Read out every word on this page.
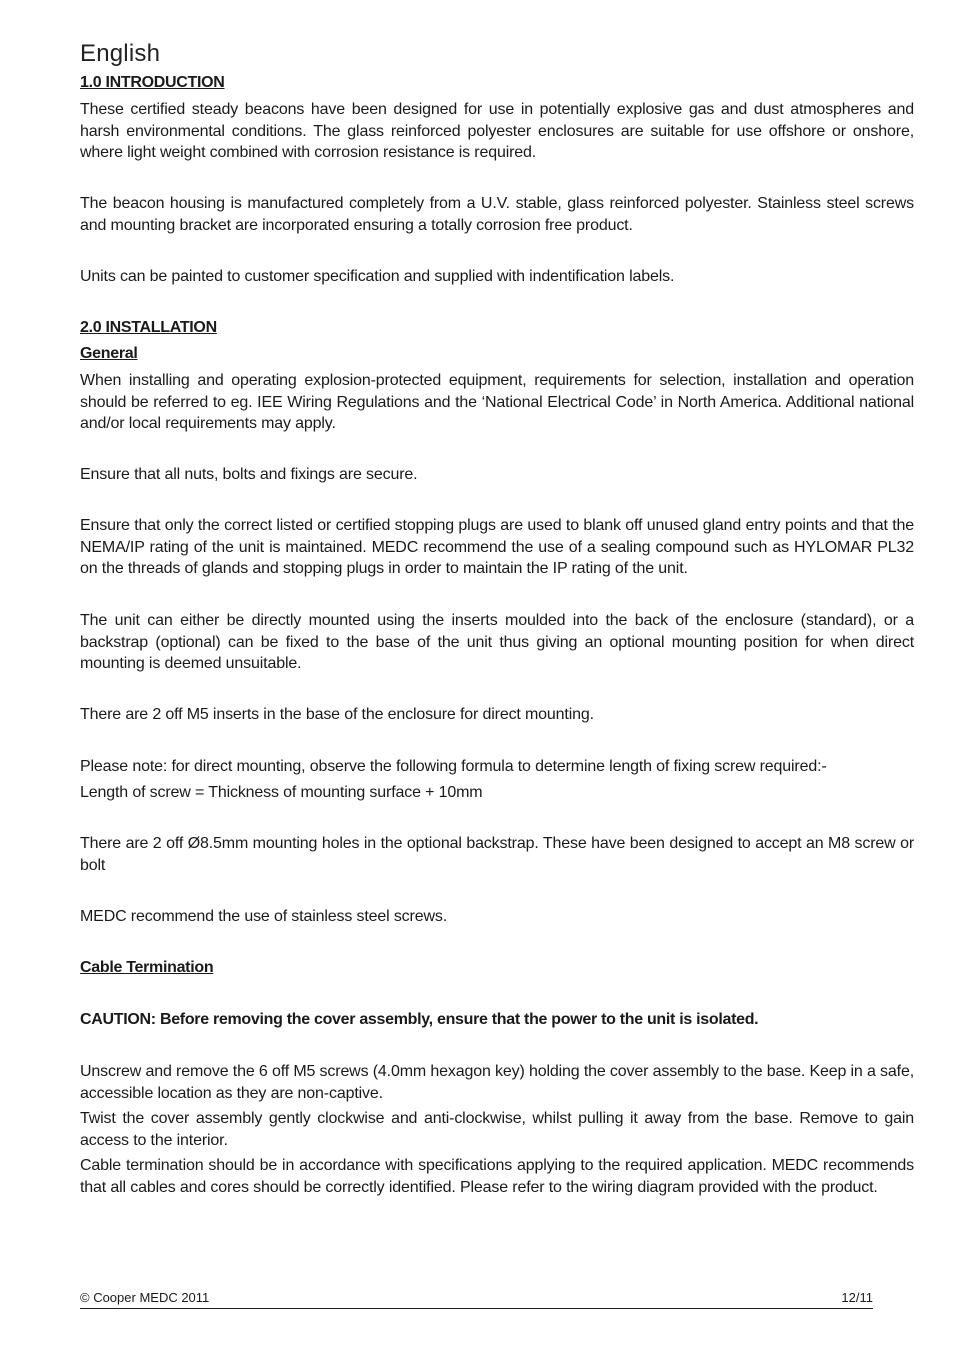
English
1.0 INTRODUCTION
These certified steady beacons have been designed for use in potentially explosive gas and dust atmospheres and harsh environmental conditions. The glass reinforced polyester enclosures are suitable for use offshore or onshore, where light weight combined with corrosion resistance is required.
The beacon housing is manufactured completely from a U.V. stable, glass reinforced polyester. Stainless steel screws and mounting bracket are incorporated ensuring a totally corrosion free product.
Units can be painted to customer specification and supplied with indentification labels.
2.0 INSTALLATION
General
When installing and operating explosion-protected equipment, requirements for selection, installation and operation should be referred to eg. IEE Wiring Regulations and the ‘National Electrical Code’ in North America. Additional national and/or local requirements may apply.
Ensure that all nuts, bolts and fixings are secure.
Ensure that only the correct listed or certified stopping plugs are used to blank off unused gland entry points and that the NEMA/IP rating of the unit is maintained. MEDC recommend the use of a sealing compound such as HYLOMAR PL32 on the threads of glands and stopping plugs in order to maintain the IP rating of the unit.
The unit can either be directly mounted using the inserts moulded into the back of the enclosure (standard), or a backstrap (optional) can be fixed to the base of the unit thus giving an optional mounting position for when direct mounting is deemed unsuitable.
There are 2 off M5 inserts in the base of the enclosure for direct mounting.
Please note: for direct mounting, observe the following formula to determine length of fixing screw required:-
Length of screw = Thickness of mounting surface + 10mm
There are 2 off Ø8.5mm mounting holes in the optional backstrap. These have been designed to accept an M8 screw or bolt
MEDC recommend the use of stainless steel screws.
Cable Termination
CAUTION: Before removing the cover assembly, ensure that the power to the unit is isolated.
Unscrew and remove the 6 off M5 screws (4.0mm hexagon key) holding the cover assembly to the base. Keep in a safe, accessible location as they are non-captive.
Twist the cover assembly gently clockwise and anti-clockwise, whilst pulling it away from the base. Remove to gain access to the interior.
Cable termination should be in accordance with specifications applying to the required application. MEDC recommends that all cables and cores should be correctly identified. Please refer to the wiring diagram provided with the product.
© Cooper MEDC 2011	12/11
